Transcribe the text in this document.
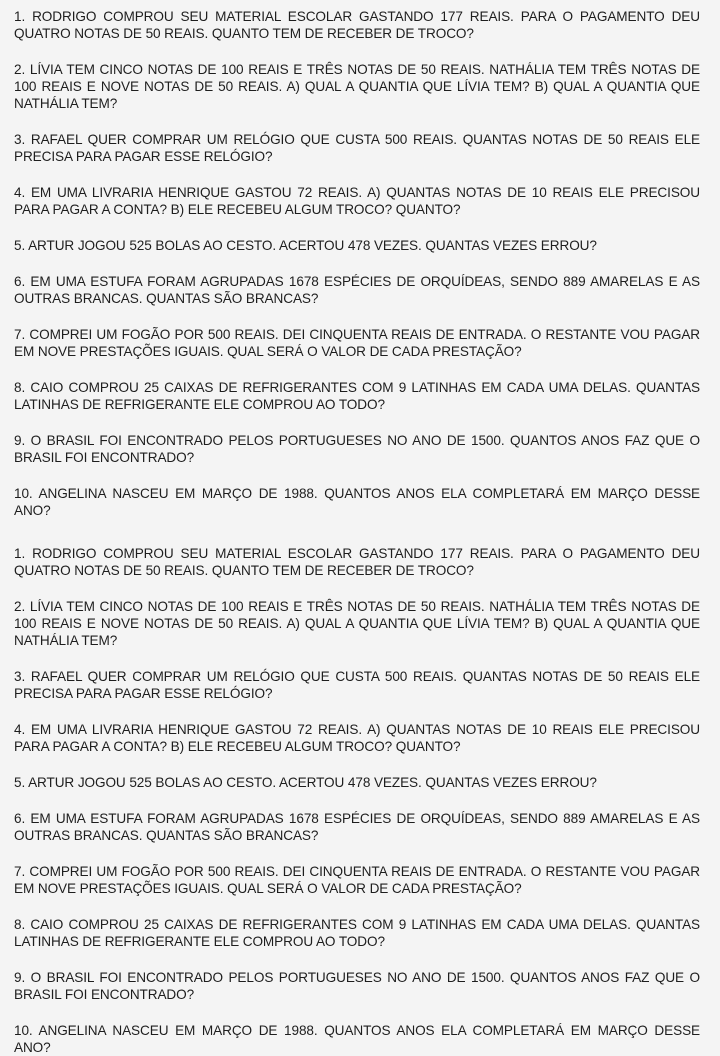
1. RODRIGO COMPROU SEU MATERIAL ESCOLAR GASTANDO 177 REAIS. PARA O PAGAMENTO DEU QUATRO NOTAS DE 50 REAIS. QUANTO TEM DE RECEBER DE TROCO?

2. LÍVIA TEM CINCO NOTAS DE 100 REAIS E TRÊS NOTAS DE 50 REAIS. NATHÁLIA TEM TRÊS NOTAS DE 100 REAIS E NOVE NOTAS DE 50 REAIS. A) QUAL A QUANTIA QUE LÍVIA TEM? B) QUAL A QUANTIA QUE NATHÁLIA TEM?

3. RAFAEL QUER COMPRAR UM RELÓGIO QUE CUSTA 500 REAIS. QUANTAS NOTAS DE 50 REAIS ELE PRECISA PARA PAGAR ESSE RELÓGIO?

4. EM UMA LIVRARIA HENRIQUE GASTOU 72 REAIS. A) QUANTAS NOTAS DE 10 REAIS ELE PRECISOU PARA PAGAR A CONTA? B) ELE RECEBEU ALGUM TROCO? QUANTO?

5. ARTUR JOGOU 525 BOLAS AO CESTO. ACERTOU 478 VEZES. QUANTAS VEZES ERROU?

6. EM UMA ESTUFA FORAM AGRUPADAS 1678 ESPÉCIES DE ORQUÍDEAS, SENDO 889 AMARELAS E AS OUTRAS BRANCAS. QUANTAS SÃO BRANCAS?

7. COMPREI UM FOGÃO POR 500 REAIS. DEI CINQUENTA REAIS DE ENTRADA. O RESTANTE VOU PAGAR EM NOVE PRESTAÇÕES IGUAIS. QUAL SERÁ O VALOR DE CADA PRESTAÇÃO?

8. CAIO COMPROU 25 CAIXAS DE REFRIGERANTES COM 9 LATINHAS EM CADA UMA DELAS. QUANTAS LATINHAS DE REFRIGERANTE ELE COMPROU AO TODO?

9. O BRASIL FOI ENCONTRADO PELOS PORTUGUESES NO ANO DE 1500. QUANTOS ANOS FAZ QUE O BRASIL FOI ENCONTRADO?

10. ANGELINA NASCEU EM MARÇO DE 1988. QUANTOS ANOS ELA COMPLETARÁ EM MARÇO DESSE ANO?

1. RODRIGO COMPROU SEU MATERIAL ESCOLAR GASTANDO 177 REAIS. PARA O PAGAMENTO DEU QUATRO NOTAS DE 50 REAIS. QUANTO TEM DE RECEBER DE TROCO?

2. LÍVIA TEM CINCO NOTAS DE 100 REAIS E TRÊS NOTAS DE 50 REAIS. NATHÁLIA TEM TRÊS NOTAS DE 100 REAIS E NOVE NOTAS DE 50 REAIS. A) QUAL A QUANTIA QUE LÍVIA TEM? B) QUAL A QUANTIA QUE NATHÁLIA TEM?

3. RAFAEL QUER COMPRAR UM RELÓGIO QUE CUSTA 500 REAIS. QUANTAS NOTAS DE 50 REAIS ELE PRECISA PARA PAGAR ESSE RELÓGIO?

4. EM UMA LIVRARIA HENRIQUE GASTOU 72 REAIS. A) QUANTAS NOTAS DE 10 REAIS ELE PRECISOU PARA PAGAR A CONTA? B) ELE RECEBEU ALGUM TROCO? QUANTO?

5. ARTUR JOGOU 525 BOLAS AO CESTO. ACERTOU 478 VEZES. QUANTAS VEZES ERROU?

6. EM UMA ESTUFA FORAM AGRUPADAS 1678 ESPÉCIES DE ORQUÍDEAS, SENDO 889 AMARELAS E AS OUTRAS BRANCAS. QUANTAS SÃO BRANCAS?

7. COMPREI UM FOGÃO POR 500 REAIS. DEI CINQUENTA REAIS DE ENTRADA. O RESTANTE VOU PAGAR EM NOVE PRESTAÇÕES IGUAIS. QUAL SERÁ O VALOR DE CADA PRESTAÇÃO?

8. CAIO COMPROU 25 CAIXAS DE REFRIGERANTES COM 9 LATINHAS EM CADA UMA DELAS. QUANTAS LATINHAS DE REFRIGERANTE ELE COMPROU AO TODO?

9. O BRASIL FOI ENCONTRADO PELOS PORTUGUESES NO ANO DE 1500. QUANTOS ANOS FAZ QUE O BRASIL FOI ENCONTRADO?

10. ANGELINA NASCEU EM MARÇO DE 1988. QUANTOS ANOS ELA COMPLETARÁ EM MARÇO DESSE ANO?
